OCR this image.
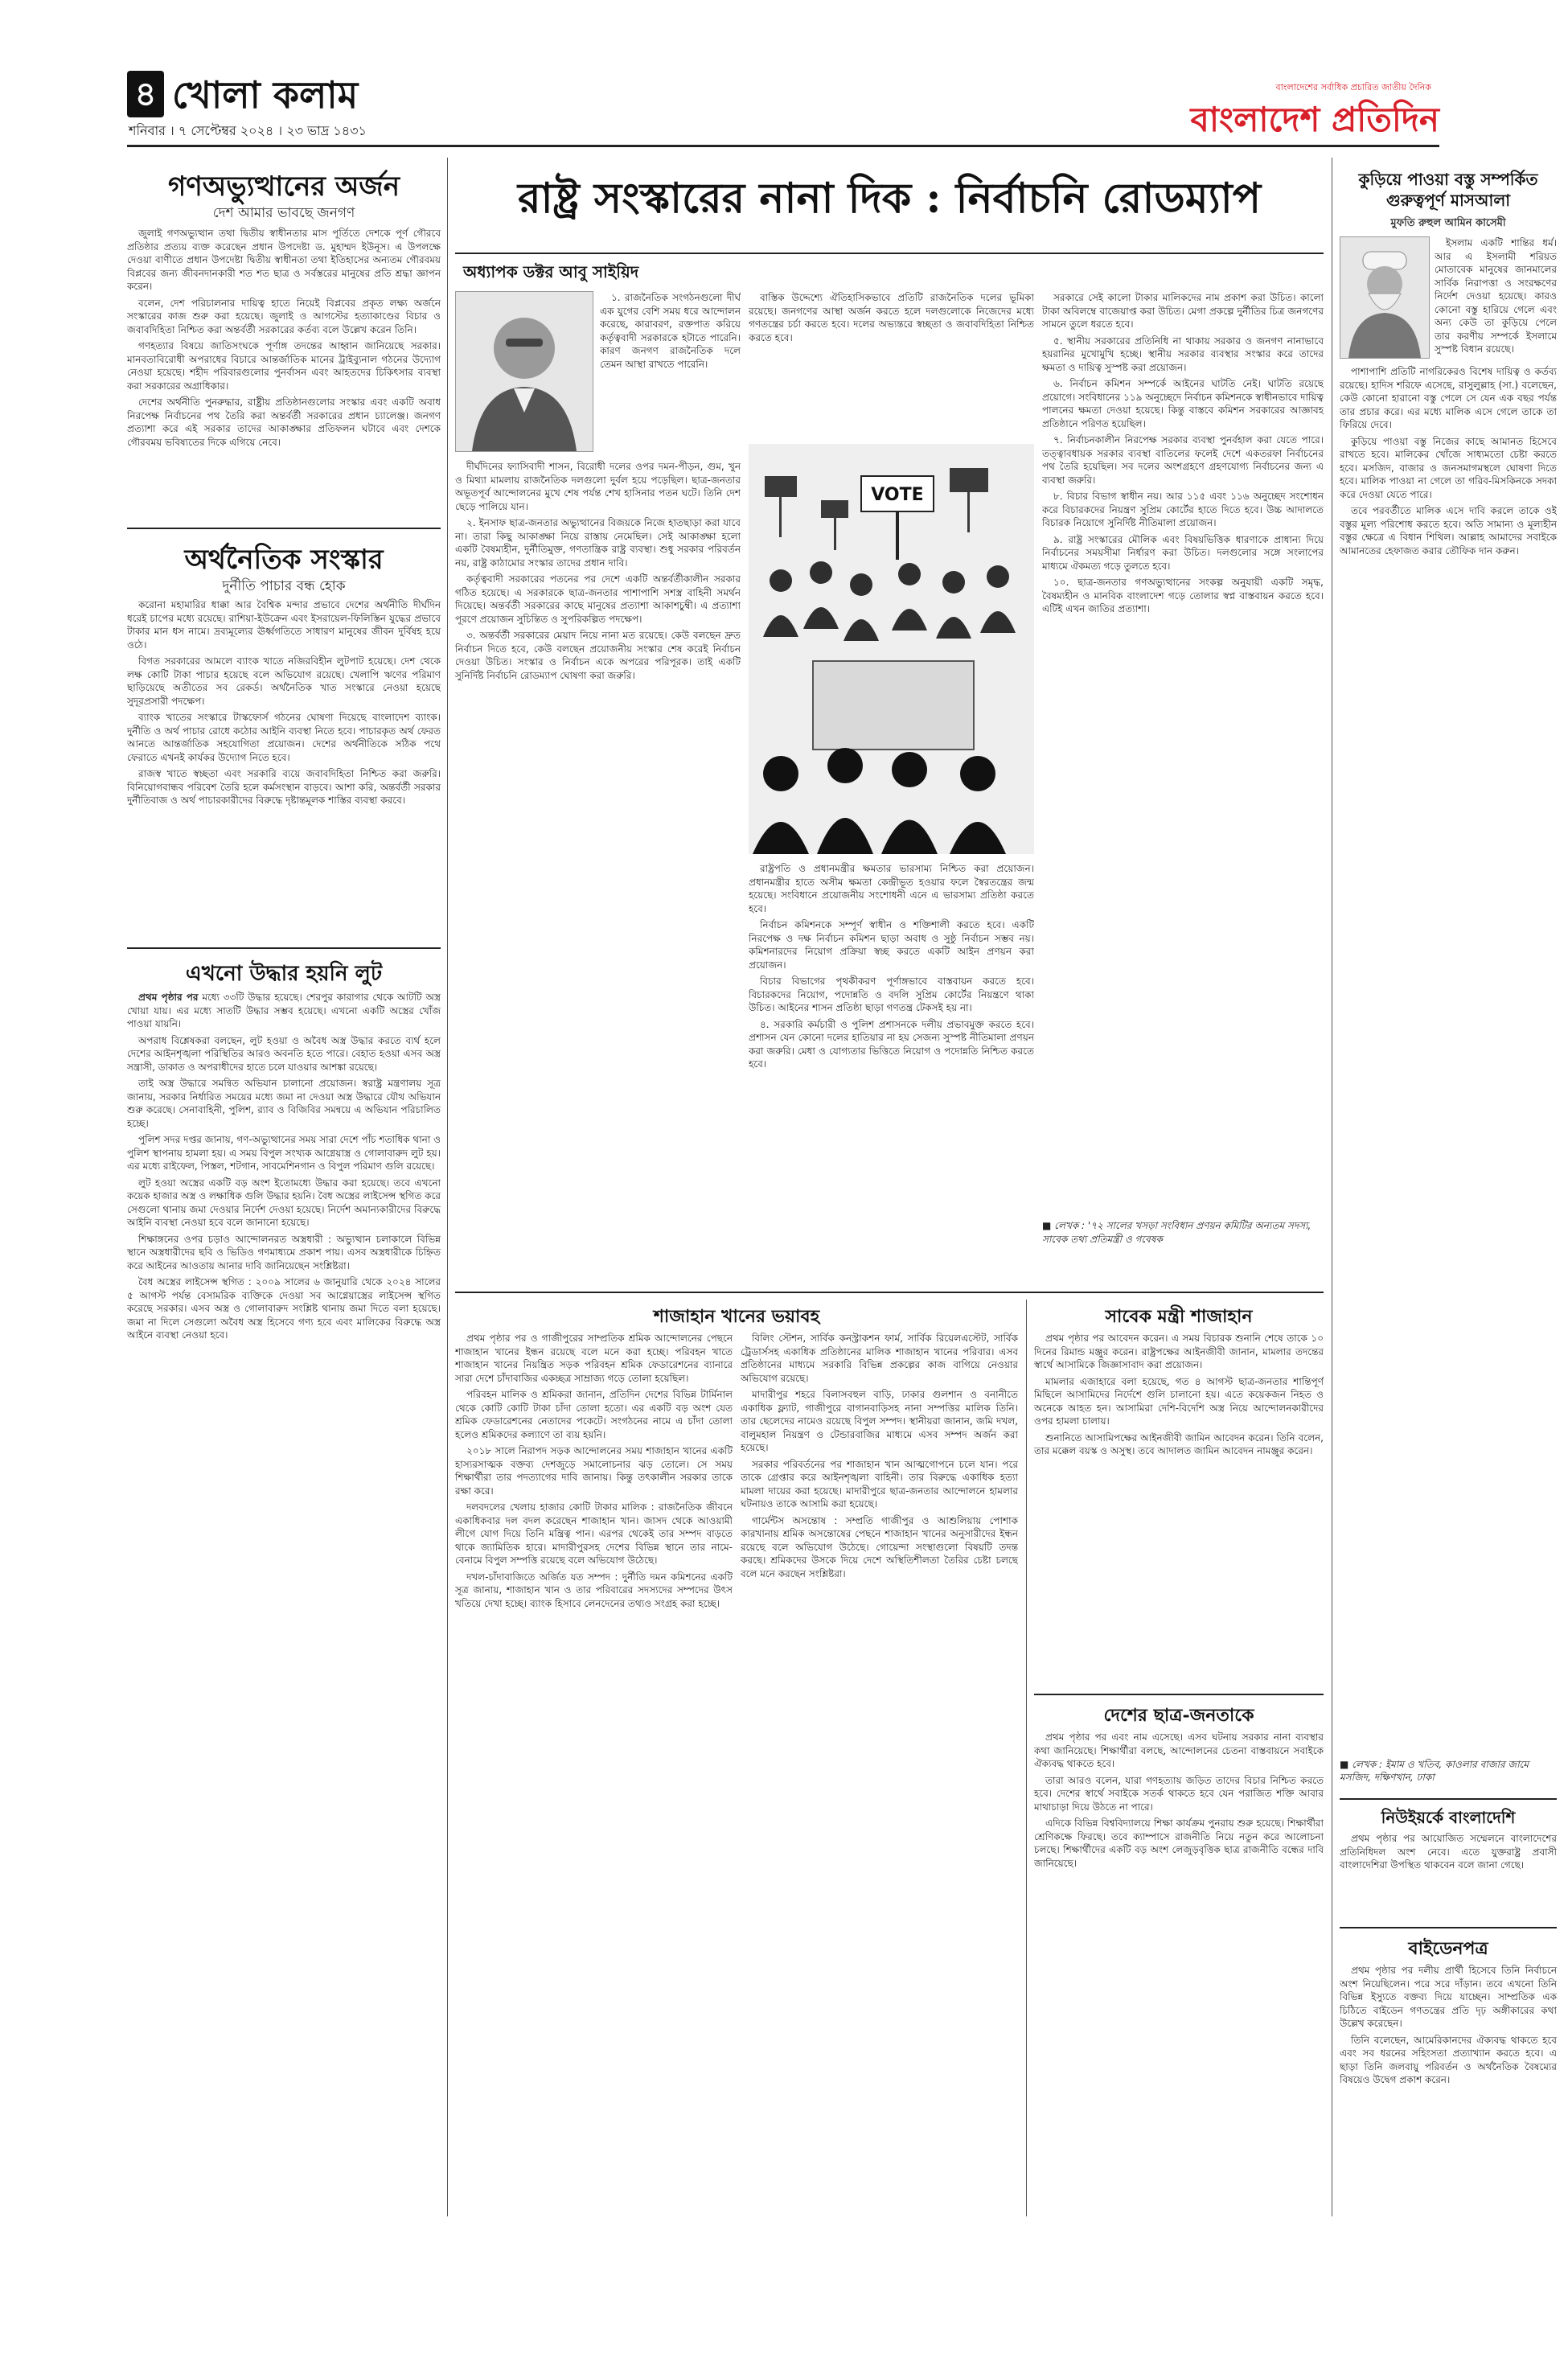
৪ খোলা কলাম
শনিবার । ৭ সেপ্টেম্বর ২০২৪ । ২৩ ভাদ্র ১৪৩১
বাংলাদেশের সর্বাধিক প্রচারিত জাতীয় দৈনিক
বাংলাদেশ প্রতিদিন
গণঅভ্যুত্থানের অর্জন
দেশ আমার ভাবছে জনগণ

জুলাই গণঅভ্যুত্থান তথা দ্বিতীয় স্বাধীনতার মাস পূর্তিতে দেশকে পূর্ণ গৌরবে প্রতিষ্ঠার প্রত্যয় ব্যক্ত করেছেন প্রধান উপদেষ্টা ড. মুহাম্মদ ইউনূস। এ উপলক্ষে দেওয়া বাণীতে প্রধান উপদেষ্টা দ্বিতীয় স্বাধীনতা তথা ইতিহাসের অন্যতম গৌরবময় বিপ্লবের জন্য জীবনদানকারী শত শত ছাত্র ও সর্বস্তরের মানুষের প্রতি শ্রদ্ধা জ্ঞাপন করেন।

বলেন, দেশ পরিচালনার দায়িত্ব হাতে নিয়েই বিপ্লবের প্রকৃত লক্ষ্য অর্জনে সংস্কারের কাজ শুরু করা হয়েছে। জুলাই ও আগস্টের হত্যাকাণ্ডের বিচার ও জবাবদিহিতা নিশ্চিত করা অন্তর্বর্তী সরকারের কর্তব্য বলে উল্লেখ করেন তিনি।

গণহত্যার বিষয়ে জাতিসংঘকে পূর্ণাঙ্গ তদন্তের আহ্বান জানিয়েছে সরকার। মানবতাবিরোধী অপরাধের বিচারে আন্তর্জাতিক মানের ট্রাইব্যুনাল গঠনের উদ্যোগ নেওয়া হয়েছে। শহীদ পরিবারগুলোর পুনর্বাসন এবং আহতদের চিকিৎসার ব্যবস্থা করা সরকারের অগ্রাধিকার।

দেশের অর্থনীতি পুনরুদ্ধার, রাষ্ট্রীয় প্রতিষ্ঠানগুলোর সংস্কার এবং একটি অবাধ নিরপেক্ষ নির্বাচনের পথ তৈরি করা অন্তর্বর্তী সরকারের প্রধান চ্যালেঞ্জ। জনগণ প্রত্যাশা করে এই সরকার তাদের আকাঙ্ক্ষার প্রতিফলন ঘটাবে এবং দেশকে গৌরবময় ভবিষ্যতের দিকে এগিয়ে নেবে।

অর্থনৈতিক সংস্কার
দুর্নীতি পাচার বন্ধ হোক

করোনা মহামারির ধাক্কা আর বৈশ্বিক মন্দার প্রভাবে দেশের অর্থনীতি দীর্ঘদিন ধরেই চাপের মধ্যে রয়েছে। রাশিয়া-ইউক্রেন এবং ইসরায়েল-ফিলিস্তিন যুদ্ধের প্রভাবে টাকার মান ধস নামে। দ্রব্যমূল্যের ঊর্ধ্বগতিতে সাধারণ মানুষের জীবন দুর্বিষহ হয়ে ওঠে।

বিগত সরকারের আমলে ব্যাংক খাতে নজিরবিহীন লুটপাট হয়েছে। দেশ থেকে লক্ষ কোটি টাকা পাচার হয়েছে বলে অভিযোগ রয়েছে। খেলাপি ঋণের পরিমাণ ছাড়িয়েছে অতীতের সব রেকর্ড। অর্থনৈতিক খাত সংস্কারে নেওয়া হয়েছে সুদূরপ্রসারী পদক্ষেপ।

ব্যাংক খাতের সংস্কারে টাস্কফোর্স গঠনের ঘোষণা দিয়েছে বাংলাদেশ ব্যাংক। দুর্নীতি ও অর্থ পাচার রোধে কঠোর আইনি ব্যবস্থা নিতে হবে। পাচারকৃত অর্থ ফেরত আনতে আন্তর্জাতিক সহযোগিতা প্রয়োজন। দেশের অর্থনীতিকে সঠিক পথে ফেরাতে এখনই কার্যকর উদ্যোগ নিতে হবে।

রাজস্ব খাতে স্বচ্ছতা এবং সরকারি ব্যয়ে জবাবদিহিতা নিশ্চিত করা জরুরি। বিনিয়োগবান্ধব পরিবেশ তৈরি হলে কর্মসংস্থান বাড়বে। আশা করি, অন্তর্বর্তী সরকার দুর্নীতিবাজ ও অর্থ পাচারকারীদের বিরুদ্ধে দৃষ্টান্তমূলক শাস্তির ব্যবস্থা করবে।

এখনো উদ্ধার হয়নি লুট

প্রথম পৃষ্ঠার পর মধ্যে ৩৩টি উদ্ধার হয়েছে। শেরপুর কারাগার থেকে আটটি অস্ত্র খোয়া যায়। এর মধ্যে সাতটি উদ্ধার সম্ভব হয়েছে। এখনো একটি অস্ত্রের খোঁজ পাওয়া যায়নি।

অপরাধ বিশ্লেষকরা বলছেন, লুট হওয়া ও অবৈধ অস্ত্র উদ্ধার করতে ব্যর্থ হলে দেশের আইনশৃঙ্খলা পরিস্থিতির আরও অবনতি হতে পারে। বেহাত হওয়া এসব অস্ত্র সন্ত্রাসী, ডাকাত ও অপরাধীদের হাতে চলে যাওয়ার আশঙ্কা রয়েছে।

তাই অস্ত্র উদ্ধারে সমন্বিত অভিযান চালানো প্রয়োজন। স্বরাষ্ট্র মন্ত্রণালয় সূত্র জানায়, সরকার নির্ধারিত সময়ের মধ্যে জমা না দেওয়া অস্ত্র উদ্ধারে যৌথ অভিযান শুরু করেছে। সেনাবাহিনী, পুলিশ, র‍্যাব ও বিজিবির সমন্বয়ে এ অভিযান পরিচালিত হচ্ছে।

পুলিশ সদর দপ্তর জানায়, গণ-অভ্যুত্থানের সময় সারা দেশে পাঁচ শতাধিক থানা ও পুলিশ স্থাপনায় হামলা হয়। এ সময় বিপুল সংখ্যক আগ্নেয়াস্ত্র ও গোলাবারুদ লুট হয়। এর মধ্যে রাইফেল, পিস্তল, শটগান, সাবমেশিনগান ও বিপুল পরিমাণ গুলি রয়েছে।

লুট হওয়া অস্ত্রের একটি বড় অংশ ইতোমধ্যে উদ্ধার করা হয়েছে। তবে এখনো কয়েক হাজার অস্ত্র ও লক্ষাধিক গুলি উদ্ধার হয়নি। বৈধ অস্ত্রের লাইসেন্স স্থগিত করে সেগুলো থানায় জমা দেওয়ার নির্দেশ দেওয়া হয়েছে। নির্দেশ অমান্যকারীদের বিরুদ্ধে আইনি ব্যবস্থা নেওয়া হবে বলে জানানো হয়েছে।

শিক্ষাঙ্গনের ওপর চড়াও আন্দোলনরত অস্ত্রধারী : অভ্যুত্থান চলাকালে বিভিন্ন স্থানে অস্ত্রধারীদের ছবি ও ভিডিও গণমাধ্যমে প্রকাশ পায়। এসব অস্ত্রধারীকে চিহ্নিত করে আইনের আওতায় আনার দাবি জানিয়েছেন সংশ্লিষ্টরা।

বৈধ অস্ত্রের লাইসেন্স স্থগিত : ২০০৯ সালের ৬ জানুয়ারি থেকে ২০২৪ সালের ৫ আগস্ট পর্যন্ত বেসামরিক ব্যক্তিকে দেওয়া সব আগ্নেয়াস্ত্রের লাইসেন্স স্থগিত করেছে সরকার। এসব অস্ত্র ও গোলাবারুদ সংশ্লিষ্ট থানায় জমা দিতে বলা হয়েছে। জমা না দিলে সেগুলো অবৈধ অস্ত্র হিসেবে গণ্য হবে এবং মালিকের বিরুদ্ধে অস্ত্র আইনে ব্যবস্থা নেওয়া হবে।

রাষ্ট্র সংস্কারের নানা দিক : নির্বাচনি রোডম্যাপ
অধ্যাপক ডক্টর আবু সাইয়িদ

১. রাজনৈতিক সংগঠনগুলো দীর্ঘ এক যুগের বেশি সময় ধরে আন্দোলন করেছে, কারাবরণ, রক্তপাত করিয়ে কর্তৃত্ববাদী সরকারকে হটাতে পারেনি। কারণ জনগণ রাজনৈতিক দলে তেমন আস্থা রাখতে পারেনি।

দীর্ঘদিনের ফ্যাসিবাদী শাসন, বিরোধী দলের ওপর দমন-পীড়ন, গুম, খুন ও মিথ্যা মামলায় রাজনৈতিক দলগুলো দুর্বল হয়ে পড়েছিল। ছাত্র-জনতার অভূতপূর্ব আন্দোলনের মুখে শেষ পর্যন্ত শেখ হাসিনার পতন ঘটে। তিনি দেশ ছেড়ে পালিয়ে যান।

২. ইনসাফ ছাত্র-জনতার অভ্যুত্থানের বিজয়কে নিজে হাতছাড়া করা যাবে না। তারা কিছু আকাঙ্ক্ষা নিয়ে রাস্তায় নেমেছিল। সেই আকাঙ্ক্ষা হলো একটি বৈষম্যহীন, দুর্নীতিমুক্ত, গণতান্ত্রিক রাষ্ট্র ব্যবস্থা। শুধু সরকার পরিবর্তন নয়, রাষ্ট্র কাঠামোর সংস্কার তাদের প্রধান দাবি।

কর্তৃত্ববাদী সরকারের পতনের পর দেশে একটি অন্তর্বর্তীকালীন সরকার গঠিত হয়েছে। এ সরকারকে ছাত্র-জনতার পাশাপাশি সশস্ত্র বাহিনী সমর্থন দিয়েছে। অন্তর্বর্তী সরকারের কাছে মানুষের প্রত্যাশা আকাশচুম্বী। এ প্রত্যাশা পূরণে প্রয়োজন সুচিন্তিত ও সুপরিকল্পিত পদক্ষেপ।

৩. অন্তর্বর্তী সরকারের মেয়াদ নিয়ে নানা মত রয়েছে। কেউ বলছেন দ্রুত নির্বাচন দিতে হবে, কেউ বলছেন প্রয়োজনীয় সংস্কার শেষ করেই নির্বাচন দেওয়া উচিত। সংস্কার ও নির্বাচন একে অপরের পরিপূরক। তাই একটি সুনির্দিষ্ট নির্বাচনি রোডম্যাপ ঘোষণা করা জরুরি।

বাস্তিক উদ্দেশ্যে ঐতিহাসিকভাবে প্রতিটি রাজনৈতিক দলের ভূমিকা রয়েছে। জনগণের আস্থা অর্জন করতে হলে দলগুলোকে নিজেদের মধ্যে গণতন্ত্রের চর্চা করতে হবে। দলের অভ্যন্তরে স্বচ্ছতা ও জবাবদিহিতা নিশ্চিত করতে হবে।

VOTE

রাষ্ট্রপতি ও প্রধানমন্ত্রীর ক্ষমতার ভারসাম্য নিশ্চিত করা প্রয়োজন। প্রধানমন্ত্রীর হাতে অসীম ক্ষমতা কেন্দ্রীভূত হওয়ার ফলে স্বৈরতন্ত্রের জন্ম হয়েছে। সংবিধানে প্রয়োজনীয় সংশোধনী এনে এ ভারসাম্য প্রতিষ্ঠা করতে হবে।

নির্বাচন কমিশনকে সম্পূর্ণ স্বাধীন ও শক্তিশালী করতে হবে। একটি নিরপেক্ষ ও দক্ষ নির্বাচন কমিশন ছাড়া অবাধ ও সুষ্ঠু নির্বাচন সম্ভব নয়। কমিশনারদের নিয়োগ প্রক্রিয়া স্বচ্ছ করতে একটি আইন প্রণয়ন করা প্রয়োজন।

বিচার বিভাগের পৃথকীকরণ পূর্ণাঙ্গভাবে বাস্তবায়ন করতে হবে। বিচারকদের নিয়োগ, পদোন্নতি ও বদলি সুপ্রিম কোর্টের নিয়ন্ত্রণে থাকা উচিত। আইনের শাসন প্রতিষ্ঠা ছাড়া গণতন্ত্র টেকসই হয় না।

৪. সরকারি কর্মচারী ও পুলিশ প্রশাসনকে দলীয় প্রভাবমুক্ত করতে হবে। প্রশাসন যেন কোনো দলের হাতিয়ার না হয় সেজন্য সুস্পষ্ট নীতিমালা প্রণয়ন করা জরুরি। মেধা ও যোগ্যতার ভিত্তিতে নিয়োগ ও পদোন্নতি নিশ্চিত করতে হবে।

সরকারে সেই কালো টাকার মালিকদের নাম প্রকাশ করা উচিত। কালো টাকা অবিলম্বে বাজেয়াপ্ত করা উচিত। মেগা প্রকল্পে দুর্নীতির চিত্র জনগণের সামনে তুলে ধরতে হবে।

৫. স্থানীয় সরকারের প্রতিনিধি না থাকায় সরকার ও জনগণ নানাভাবে হয়রানির মুখোমুখি হচ্ছে। স্থানীয় সরকার ব্যবস্থার সংস্কার করে তাদের ক্ষমতা ও দায়িত্ব সুস্পষ্ট করা প্রয়োজন।

৬. নির্বাচন কমিশন সম্পর্কে আইনের ঘাটতি নেই। ঘাটতি রয়েছে প্রয়োগে। সংবিধানের ১১৯ অনুচ্ছেদে নির্বাচন কমিশনকে স্বাধীনভাবে দায়িত্ব পালনের ক্ষমতা দেওয়া হয়েছে। কিন্তু বাস্তবে কমিশন সরকারের আজ্ঞাবহ প্রতিষ্ঠানে পরিণত হয়েছিল।

৭. নির্বাচনকালীন নিরপেক্ষ সরকার ব্যবস্থা পুনর্বহাল করা যেতে পারে। তত্ত্বাবধায়ক সরকার ব্যবস্থা বাতিলের ফলেই দেশে একতরফা নির্বাচনের পথ তৈরি হয়েছিল। সব দলের অংশগ্রহণে গ্রহণযোগ্য নির্বাচনের জন্য এ ব্যবস্থা জরুরি।

৮. বিচার বিভাগ স্বাধীন নয়। আর ১১৫ এবং ১১৬ অনুচ্ছেদ সংশোধন করে বিচারকদের নিয়ন্ত্রণ সুপ্রিম কোর্টের হাতে দিতে হবে। উচ্চ আদালতে বিচারক নিয়োগে সুনির্দিষ্ট নীতিমালা প্রয়োজন।

৯. রাষ্ট্র সংস্কারের মৌলিক এবং বিষয়ভিত্তিক ধারণাকে প্রাধান্য দিয়ে নির্বাচনের সময়সীমা নির্ধারণ করা উচিত। দলগুলোর সঙ্গে সংলাপের মাধ্যমে ঐকমত্য গড়ে তুলতে হবে।

১০. ছাত্র-জনতার গণঅভ্যুত্থানের সংকল্প অনুযায়ী একটি সমৃদ্ধ, বৈষম্যহীন ও মানবিক বাংলাদেশ গড়ে তোলার স্বপ্ন বাস্তবায়ন করতে হবে। এটিই এখন জাতির প্রত্যাশা।

■ লেখক : '৭২ সালের খসড়া সংবিধান প্রণয়ন কমিটির অন্যতম সদস্য, সাবেক তথ্য প্রতিমন্ত্রী ও গবেষক
শাজাহান খানের ভয়াবহ

প্রথম পৃষ্ঠার পর ও গাজীপুরের সাম্প্রতিক শ্রমিক আন্দোলনের পেছনে শাজাহান খানের ইন্ধন রয়েছে বলে মনে করা হচ্ছে। পরিবহন খাতে শাজাহান খানের নিয়ন্ত্রিত সড়ক পরিবহন শ্রমিক ফেডারেশনের ব্যানারে সারা দেশে চাঁদাবাজির একচ্ছত্র সাম্রাজ্য গড়ে তোলা হয়েছিল।

পরিবহন মালিক ও শ্রমিকরা জানান, প্রতিদিন দেশের বিভিন্ন টার্মিনাল থেকে কোটি কোটি টাকা চাঁদা তোলা হতো। এর একটি বড় অংশ যেত শ্রমিক ফেডারেশনের নেতাদের পকেটে। সংগঠনের নামে এ চাঁদা তোলা হলেও শ্রমিকদের কল্যাণে তা ব্যয় হয়নি।

২০১৮ সালে নিরাপদ সড়ক আন্দোলনের সময় শাজাহান খানের একটি হাস্যরসাত্মক বক্তব্য দেশজুড়ে সমালোচনার ঝড় তোলে। সে সময় শিক্ষার্থীরা তার পদত্যাগের দাবি জানায়। কিন্তু তৎকালীন সরকার তাকে রক্ষা করে।

দলবদলের খেলায় হাজার কোটি টাকার মালিক : রাজনৈতিক জীবনে একাধিকবার দল বদল করেছেন শাজাহান খান। জাসদ থেকে আওয়ামী লীগে যোগ দিয়ে তিনি মন্ত্রিত্ব পান। এরপর থেকেই তার সম্পদ বাড়তে থাকে জ্যামিতিক হারে। মাদারীপুরসহ দেশের বিভিন্ন স্থানে তার নামে-বেনামে বিপুল সম্পত্তি রয়েছে বলে অভিযোগ উঠেছে।

দখল-চাঁদাবাজিতে অর্জিত যত সম্পদ : দুর্নীতি দমন কমিশনের একটি সূত্র জানায়, শাজাহান খান ও তার পরিবারের সদস্যদের সম্পদের উৎস খতিয়ে দেখা হচ্ছে। ব্যাংক হিসাবে লেনদেনের তথ্যও সংগ্রহ করা হচ্ছে।

বিলিং স্টেশন, সার্বিক কনস্ট্রাকশন ফার্ম, সার্বিক রিয়েলএস্টেট, সার্বিক ট্রেডার্সসহ একাধিক প্রতিষ্ঠানের মালিক শাজাহান খানের পরিবার। এসব প্রতিষ্ঠানের মাধ্যমে সরকারি বিভিন্ন প্রকল্পের কাজ বাগিয়ে নেওয়ার অভিযোগ রয়েছে।

মাদারীপুর শহরে বিলাসবহুল বাড়ি, ঢাকার গুলশান ও বনানীতে একাধিক ফ্ল্যাট, গাজীপুরে বাগানবাড়িসহ নানা সম্পত্তির মালিক তিনি। তার ছেলেদের নামেও রয়েছে বিপুল সম্পদ। স্থানীয়রা জানান, জমি দখল, বালুমহাল নিয়ন্ত্রণ ও টেন্ডারবাজির মাধ্যমে এসব সম্পদ অর্জন করা হয়েছে।

সরকার পরিবর্তনের পর শাজাহান খান আত্মগোপনে চলে যান। পরে তাকে গ্রেপ্তার করে আইনশৃঙ্খলা বাহিনী। তার বিরুদ্ধে একাধিক হত্যা মামলা দায়ের করা হয়েছে। মাদারীপুরে ছাত্র-জনতার আন্দোলনে হামলার ঘটনায়ও তাকে আসামি করা হয়েছে।

গার্মেন্টস অসন্তোষ : সম্প্রতি গাজীপুর ও আশুলিয়ায় পোশাক কারখানায় শ্রমিক অসন্তোষের পেছনে শাজাহান খানের অনুসারীদের ইন্ধন রয়েছে বলে অভিযোগ উঠেছে। গোয়েন্দা সংস্থাগুলো বিষয়টি তদন্ত করছে। শ্রমিকদের উসকে দিয়ে দেশে অস্থিতিশীলতা তৈরির চেষ্টা চলছে বলে মনে করছেন সংশ্লিষ্টরা।

সাবেক মন্ত্রী শাজাহান

প্রথম পৃষ্ঠার পর আবেদন করেন। এ সময় বিচারক শুনানি শেষে তাকে ১০ দিনের রিমান্ড মঞ্জুর করেন। রাষ্ট্রপক্ষের আইনজীবী জানান, মামলার তদন্তের স্বার্থে আসামিকে জিজ্ঞাসাবাদ করা প্রয়োজন।

মামলার এজাহারে বলা হয়েছে, গত ৪ আগস্ট ছাত্র-জনতার শান্তিপূর্ণ মিছিলে আসামিদের নির্দেশে গুলি চালানো হয়। এতে কয়েকজন নিহত ও অনেকে আহত হন। আসামিরা দেশি-বিদেশি অস্ত্র নিয়ে আন্দোলনকারীদের ওপর হামলা চালায়।

শুনানিতে আসামিপক্ষের আইনজীবী জামিন আবেদন করেন। তিনি বলেন, তার মক্কেল বয়স্ক ও অসুস্থ। তবে আদালত জামিন আবেদন নামঞ্জুর করেন।

দেশের ছাত্র-জনতাকে

প্রথম পৃষ্ঠার পর এবং নাম এসেছে। এসব ঘটনায় সরকার নানা ব্যবস্থার কথা জানিয়েছে। শিক্ষার্থীরা বলছে, আন্দোলনের চেতনা বাস্তবায়নে সবাইকে ঐক্যবদ্ধ থাকতে হবে।

তারা আরও বলেন, যারা গণহত্যায় জড়িত তাদের বিচার নিশ্চিত করতে হবে। দেশের স্বার্থে সবাইকে সতর্ক থাকতে হবে যেন পরাজিত শক্তি আবার মাথাচাড়া দিয়ে উঠতে না পারে।

এদিকে বিভিন্ন বিশ্ববিদ্যালয়ে শিক্ষা কার্যক্রম পুনরায় শুরু হয়েছে। শিক্ষার্থীরা শ্রেণিকক্ষে ফিরছে। তবে ক্যাম্পাসে রাজনীতি নিয়ে নতুন করে আলোচনা চলছে। শিক্ষার্থীদের একটি বড় অংশ লেজুড়বৃত্তিক ছাত্র রাজনীতি বন্ধের দাবি জানিয়েছে।

কুড়িয়ে পাওয়া বস্তু সম্পর্কিত গুরুত্বপূর্ণ মাসআলা
মুফতি রুহুল আমিন কাসেমী

ইসলাম একটি শান্তির ধর্ম। আর এ ইসলামী শরিয়ত মোতাবেক মানুষের জানমালের সার্বিক নিরাপত্তা ও সংরক্ষণের নির্দেশ দেওয়া হয়েছে। কারও কোনো বস্তু হারিয়ে গেলে এবং অন্য কেউ তা কুড়িয়ে পেলে তার করণীয় সম্পর্কে ইসলামে সুস্পষ্ট বিধান রয়েছে।

পাশাপাশি প্রতিটি নাগরিকেরও বিশেষ দায়িত্ব ও কর্তব্য রয়েছে। হাদিস শরিফে এসেছে, রাসুলুল্লাহ (সা.) বলেছেন, কেউ কোনো হারানো বস্তু পেলে সে যেন এক বছর পর্যন্ত তার প্রচার করে। এর মধ্যে মালিক এসে গেলে তাকে তা ফিরিয়ে দেবে।

কুড়িয়ে পাওয়া বস্তু নিজের কাছে আমানত হিসেবে রাখতে হবে। মালিকের খোঁজে সাধ্যমতো চেষ্টা করতে হবে। মসজিদ, বাজার ও জনসমাগমস্থলে ঘোষণা দিতে হবে। মালিক পাওয়া না গেলে তা গরিব-মিসকিনকে সদকা করে দেওয়া যেতে পারে।

তবে পরবর্তীতে মালিক এসে দাবি করলে তাকে ওই বস্তুর মূল্য পরিশোধ করতে হবে। অতি সামান্য ও মূল্যহীন বস্তুর ক্ষেত্রে এ বিধান শিথিল। আল্লাহ আমাদের সবাইকে আমানতের হেফাজত করার তৌফিক দান করুন।

■ লেখক : ইমাম ও খতিব, কাওলার বাজার জামে মসজিদ, দক্ষিণখান, ঢাকা
নিউইয়র্কে বাংলাদেশি

প্রথম পৃষ্ঠার পর আয়োজিত সম্মেলনে বাংলাদেশের প্রতিনিধিদল অংশ নেবে। এতে যুক্তরাষ্ট্র প্রবাসী বাংলাদেশিরা উপস্থিত থাকবেন বলে জানা গেছে।

বাইডেনপত্র

প্রথম পৃষ্ঠার পর দলীয় প্রার্থী হিসেবে তিনি নির্বাচনে অংশ নিয়েছিলেন। পরে সরে দাঁড়ান। তবে এখনো তিনি বিভিন্ন ইস্যুতে বক্তব্য দিয়ে যাচ্ছেন। সাম্প্রতিক এক চিঠিতে বাইডেন গণতন্ত্রের প্রতি দৃঢ় অঙ্গীকারের কথা উল্লেখ করেছেন।

তিনি বলেছেন, আমেরিকানদের ঐক্যবদ্ধ থাকতে হবে এবং সব ধরনের সহিংসতা প্রত্যাখ্যান করতে হবে। এ ছাড়া তিনি জলবায়ু পরিবর্তন ও অর্থনৈতিক বৈষম্যের বিষয়েও উদ্বেগ প্রকাশ করেন।
